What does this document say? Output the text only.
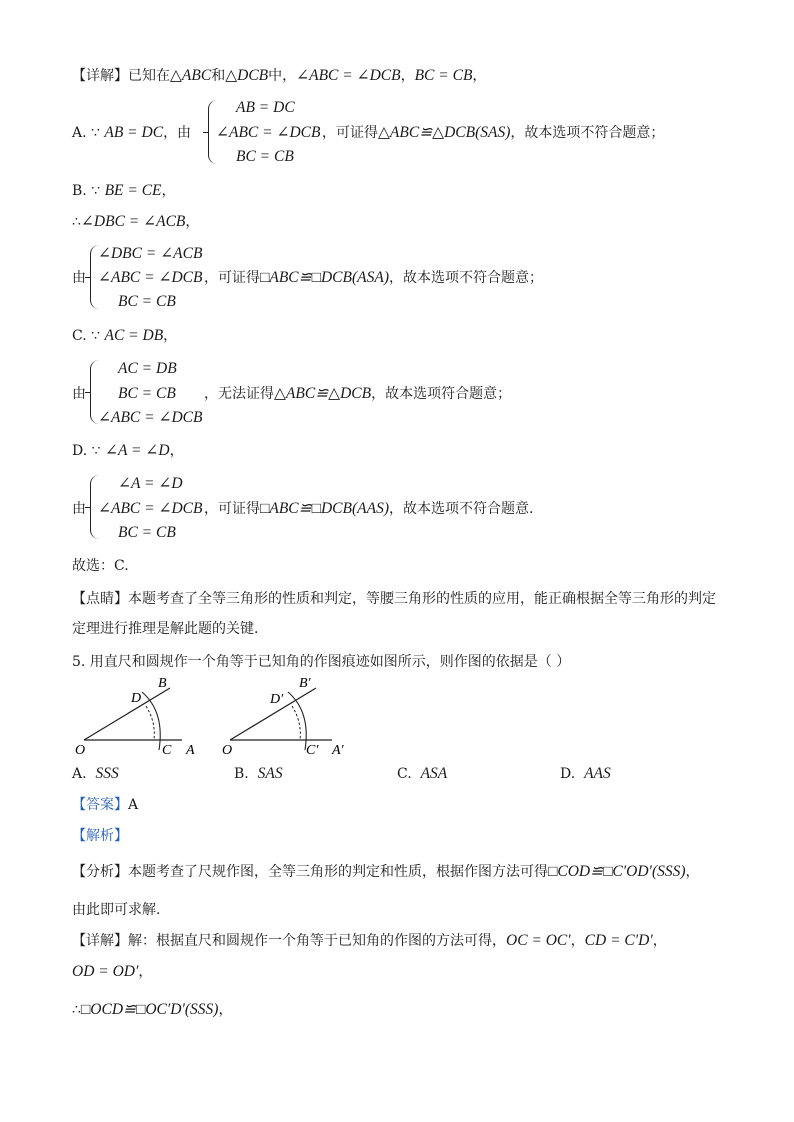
【详解】已知在△ABC和△DCB中，∠ABC = ∠DCB，BC = CB，
A. ∵ AB = DC，由
AB = DC
∠ABC = ∠DCB
BC = CB
，可证得△ABC≌△DCB(SAS)，故本选项不符合题意；
B. ∵ BE = CE，
∴∠DBC = ∠ACB，
由
∠DBC = ∠ACB
∠ABC = ∠DCB
BC = CB
，可证得□ABC≌□DCB(ASA)，故本选项不符合题意；
C. ∵ AC = DB，
由
AC = DB
BC = CB
∠ABC = ∠DCB
，无法证得△ABC≌△DCB，故本选项符合题意；
D. ∵ ∠A = ∠D，
由
∠A = ∠D
∠ABC = ∠DCB
BC = CB
，可证得□ABC≌□DCB(AAS)，故本选项不符合题意.
故选：C.
【点睛】本题考查了全等三角形的性质和判定，等腰三角形的性质的应用，能正确根据全等三角形的判定
定理进行推理是解此题的关键.
5. 用直尺和圆规作一个角等于已知角的作图痕迹如图所示，则作图的依据是（ ）
O	C A
D
B
O	C′ A′
D′
B′
A. SSS	B. SAS	C. ASA	D. AAS
【答案】A
【解析】
【分析】本题考查了尺规作图，全等三角形的判定和性质，根据作图方法可得□COD≌□C′OD′(SSS)，
由此即可求解.
【详解】解：根据直尺和圆规作一个角等于已知角的作图的方法可得，OC = OC′，CD = C′D′，
OD = OD′，
∴□OCD≌□OC′D′(SSS)，
